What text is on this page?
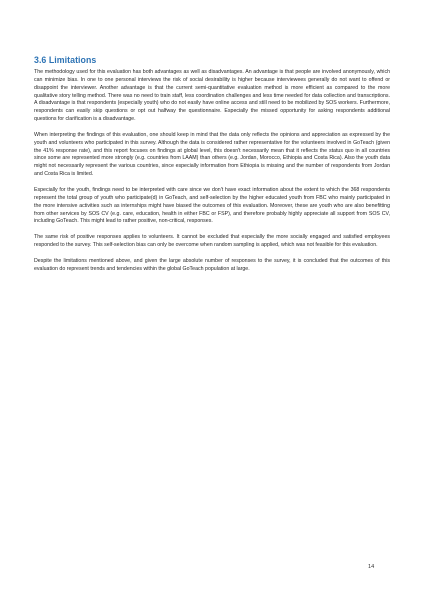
3.6 Limitations

The methodology used for this evaluation has both advantages as well as disadvantages. An advantage is that people are involved anonymously, which can minimize bias. In one to one personal interviews the risk of social desirability is higher because interviewees generally do not want to offend or disappoint the interviewer. Another advantage is that the current semi-quantitative evaluation method is more efficient as compared to the more qualitative story telling method. There was no need to train staff, less coordination challenges and less time needed for data collection and transcriptions. A disadvantage is that respondents (especially youth) who do not easily have online access and still need to be mobilized by SOS workers. Furthermore, respondents can easily skip questions or opt out halfway the questionnaire. Especially the missed opportunity for asking respondents additional questions for clarification is a disadvantage.

When interpreting the findings of this evaluation, one should keep in mind that the data only reflects the opinions and appreciation as expressed by the youth and volunteers who participated in this survey. Although the data is considered rather representative for the volunteers involved in GoTeach (given the 41% response rate), and this report focuses on findings at global level, this doesn't necessarily mean that it reflects the status quo in all countries since some are represented more strongly (e.g. countries from LAAM) than others (e.g. Jordan, Morocco, Ethiopia and Costa Rica). Also the youth data might not necessarily represent the various countries, since especially information from Ethiopia is missing and the number of respondents from Jordan and Costa Rica is limited.

Especially for the youth, findings need to be interpreted with care since we don't have exact information about the extent to which the 368 respondents represent the total group of youth who participate(d) in GoTeach, and self-selection by the higher educated youth from FBC who mainly participated in the more intensive activities such as internships might have biased the outcomes of this evaluation. Moreover, these are youth who are also benefitting from other services by SOS CV (e.g. care, education, health in either FBC or FSP), and therefore probably highly appreciate all support from SOS CV, including GoTeach. This might lead to rather positive, non-critical, responses.

The same risk of positive responses applies to volunteers. It cannot be excluded that especially the more socially engaged and satisfied employees responded to the survey. This self-selection bias can only be overcome when random sampling is applied, which was not feasible for this evaluation.

Despite the limitations mentioned above, and given the large absolute number of responses to the survey, it is concluded that the outcomes of this evaluation do represent trends and tendencies within the global GoTeach population at large.

14
